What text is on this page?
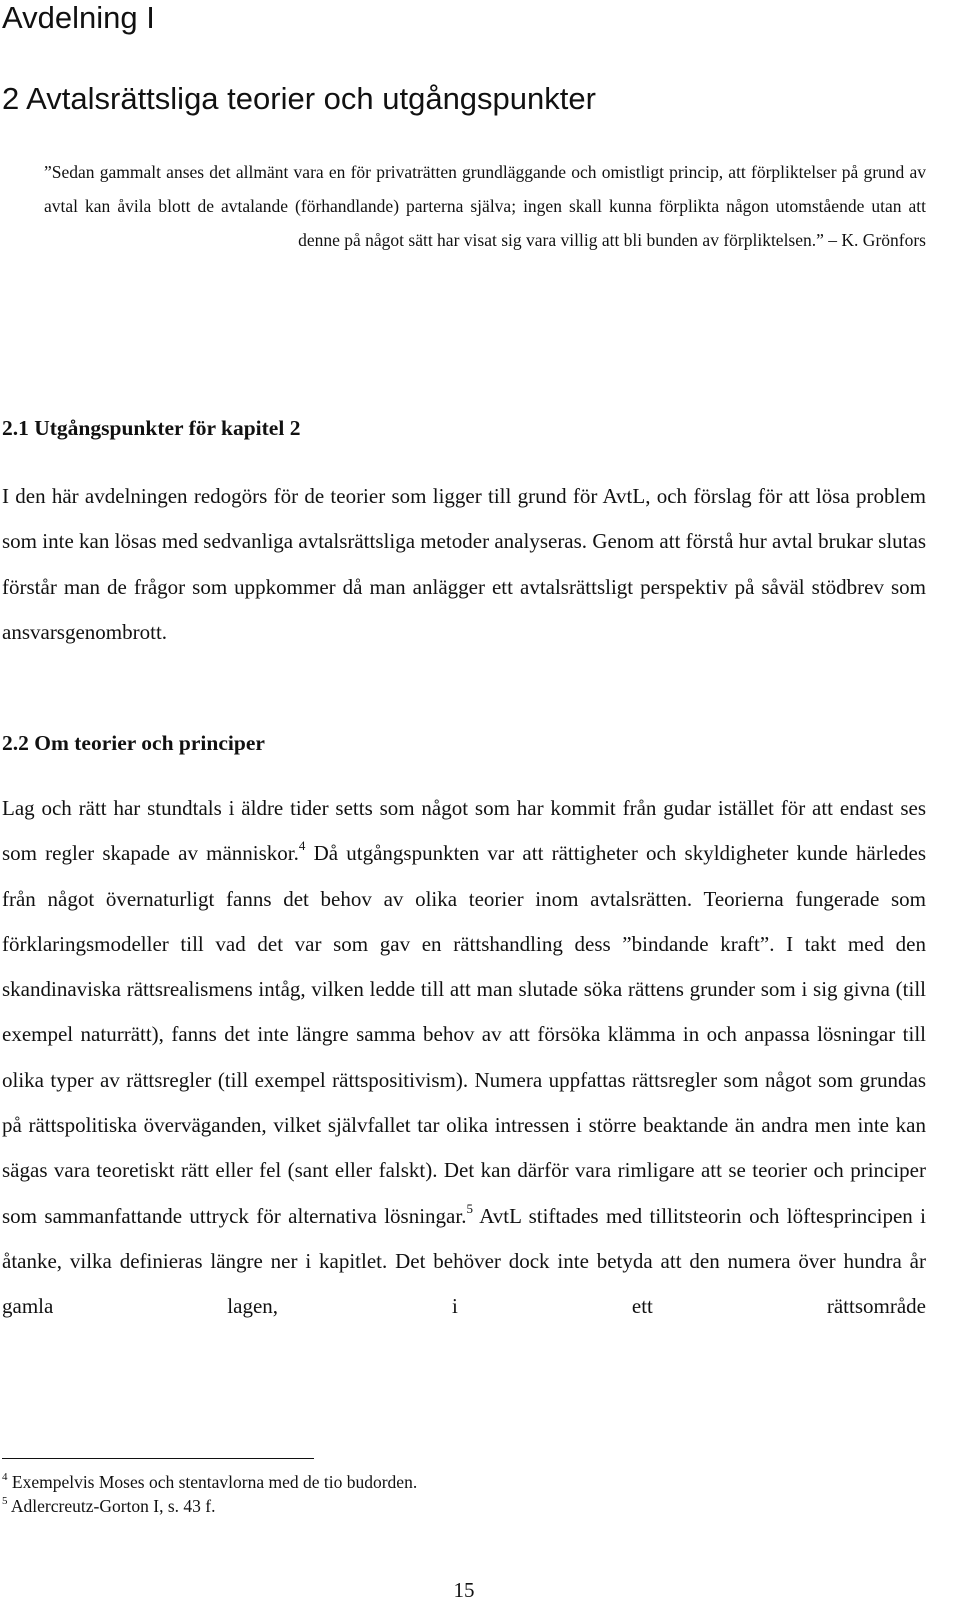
Avdelning I
2 Avtalsrättsliga teorier och utgångspunkter

”Sedan gammalt anses det allmänt vara en för privaträtten grundläggande och omistligt princip, att förpliktelser på grund av avtal kan åvila blott de avtalande (förhandlande) parterna själva; ingen skall kunna förplikta någon utomstående utan att denne på något sätt har visat sig vara villig att bli bunden av förpliktelsen.” – K. Grönfors

2.1 Utgångspunkter för kapitel 2

I den här avdelningen redogörs för de teorier som ligger till grund för AvtL, och förslag för att lösa problem som inte kan lösas med sedvanliga avtalsrättsliga metoder analyseras. Genom att förstå hur avtal brukar slutas förstår man de frågor som uppkommer då man anlägger ett avtalsrättsligt perspektiv på såväl stödbrev som ansvarsgenombrott.

2.2 Om teorier och principer

Lag och rätt har stundtals i äldre tider setts som något som har kommit från gudar istället för att endast ses som regler skapade av människor.$^4$ Då utgångspunkten var att rättigheter och skyldigheter kunde härledes från något övernaturligt fanns det behov av olika teorier inom avtalsrätten. Teorierna fungerade som förklaringsmodeller till vad det var som gav en rättshandling dess ”bindande kraft”. I takt med den skandinaviska rättsrealismens intåg, vilken ledde till att man slutade söka rättens grunder som i sig givna (till exempel naturrätt), fanns det inte längre samma behov av att försöka klämma in och anpassa lösningar till olika typer av rättsregler (till exempel rättspositivism). Numera uppfattas rättsregler som något som grundas på rättspolitiska överväganden, vilket självfallet tar olika intressen i större beaktande än andra men inte kan sägas vara teoretiskt rätt eller fel (sant eller falskt). Det kan därför vara rimligare att se teorier och principer som sammanfattande uttryck för alternativa lösningar.$^5$ AvtL stiftades med tillitsteorin och löftesprincipen i åtanke, vilka definieras längre ner i kapitlet. Det behöver dock inte betyda att den numera över hundra år gamla lagen, i ett rättsområde

$^4$ Exempelvis Moses och stentavlorna med de tio budorden.

$^5$ Adlercreutz-Gorton I, s. 43 f.

15
